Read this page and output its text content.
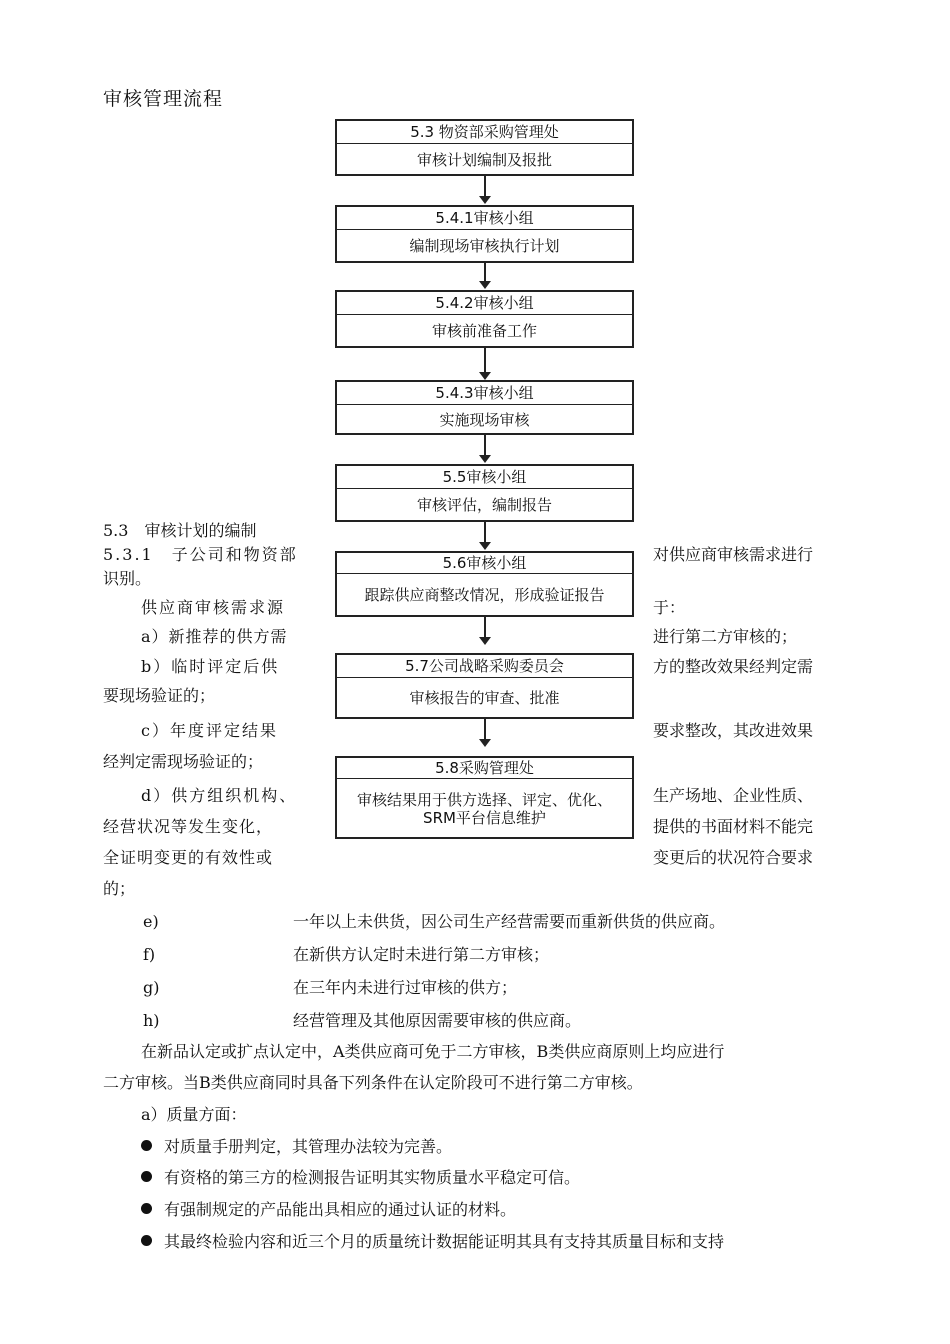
审核管理流程
5.3 物资部采购管理处
审核计划编制及报批
5.4.1审核小组
编制现场审核执行计划
5.4.2审核小组
审核前准备工作
5.4.3审核小组
实施现场审核
5.5审核小组
审核评估，编制报告
5.6审核小组
跟踪供应商整改情况，形成验证报告
5.7公司战略采购委员会
审核报告的审查、批准
5.8采购管理处
审核结果用于供方选择、评定、优化、SRM平台信息维护
5.3　审核计划的编制
5.3.1　子公司和物资部
识别。
供应商审核需求源
a）新推荐的供方需
b）临时评定后供
要现场验证的；
c）年度评定结果
经判定需现场验证的；
d）供方组织机构、
经营状况等发生变化，
全证明变更的有效性或
的；
对供应商审核需求进行
于：
进行第二方审核的；
方的整改效果经判定需
要求整改，其改进效果
生产场地、企业性质、
提供的书面材料不能完
变更后的状况符合要求
e)	一年以上未供货，因公司生产经营需要而重新供货的供应商。
f)	在新供方认定时未进行第二方审核；
g)	在三年内未进行过审核的供方；
h)	经营管理及其他原因需要审核的供应商。
在新品认定或扩点认定中，A类供应商可免于二方审核，B类供应商原则上均应进行
二方审核。当B类供应商同时具备下列条件在认定阶段可不进行第二方审核。
a）质量方面：
对质量手册判定，其管理办法较为完善。
有资格的第三方的检测报告证明其实物质量水平稳定可信。
有强制规定的产品能出具相应的通过认证的材料。
其最终检验内容和近三个月的质量统计数据能证明其具有支持其质量目标和支持
